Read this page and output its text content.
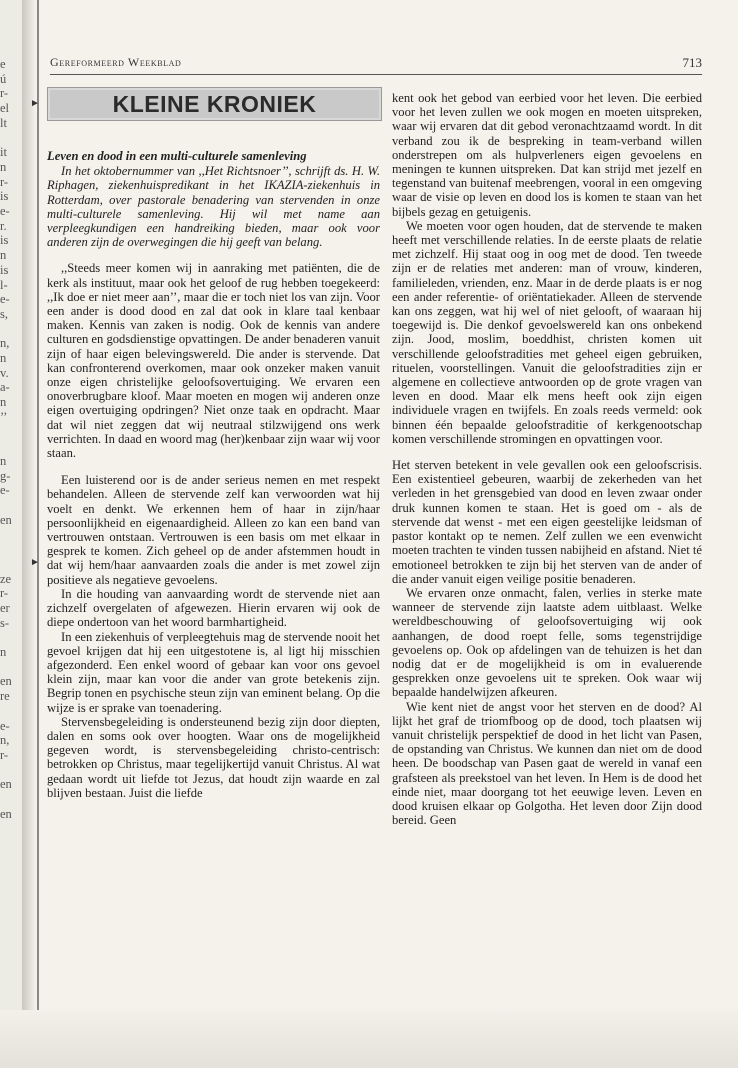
e
ú
r-
el
lt
it
n
r-
is
e-
r.
is
n
is
l-
e-
s,
n,
n
v.
a-
n
’’
n
g-
e-
en
ze
r-
er
s-
n
en
re
e-
n,
r-
en
en
Gereformeerd Weekblad	713
►
►
KLEINE KRONIEK

Leven en dood in een multi-culturele samenleving

In het oktobernummer van ,,Het Richtsnoer’’, schrijft ds. H. W. Riphagen, ziekenhuispredikant in het IKAZIA-ziekenhuis in Rotterdam, over pastorale benadering van stervenden in onze multi-culturele samenleving. Hij wil met name aan verpleegkundigen een handreiking bieden, maar ook voor anderen zijn de overwegingen die hij geeft van belang.

,,Steeds meer komen wij in aanraking met patiënten, die de kerk als instituut, maar ook het geloof de rug hebben toegekeerd: ,,Ik doe er niet meer aan’’, maar die er toch niet los van zijn. Voor een ander is dood dood en zal dat ook in klare taal kenbaar maken. Kennis van zaken is nodig. Ook de kennis van andere culturen en godsdienstige opvattingen. De ander benaderen vanuit zijn of haar eigen belevingswereld. Die ander is stervende. Dat kan confronterend overkomen, maar ook onzeker maken vanuit onze eigen christelijke geloofsovertuiging. We ervaren een onoverbrugbare kloof. Maar moeten en mogen wij anderen onze eigen overtuiging opdringen? Niet onze taak en opdracht. Maar dat wil niet zeggen dat wij neutraal stilzwijgend ons werk verrichten. In daad en woord mag (her)kenbaar zijn waar wij voor staan.

Een luisterend oor is de ander serieus nemen en met respekt behandelen. Alleen de stervende zelf kan verwoorden wat hij voelt en denkt. We erkennen hem of haar in zijn/haar persoonlijkheid en eigenaardigheid. Alleen zo kan een band van vertrouwen ontstaan. Vertrouwen is een basis om met elkaar in gesprek te komen. Zich geheel op de ander afstemmen houdt in dat wij hem/haar aanvaarden zoals die ander is met zowel zijn positieve als negatieve gevoelens.

In die houding van aanvaarding wordt de stervende niet aan zichzelf overgelaten of afgewezen. Hierin ervaren wij ook de diepe ondertoon van het woord barmhartigheid.

In een ziekenhuis of verpleegtehuis mag de stervende nooit het gevoel krijgen dat hij een uitgestotene is, al ligt hij misschien afgezonderd. Een enkel woord of gebaar kan voor ons gevoel klein zijn, maar kan voor die ander van grote betekenis zijn. Begrip tonen en psychische steun zijn van eminent belang. Op die wijze is er sprake van toenadering.

Stervensbegeleiding is ondersteunend bezig zijn door diepten, dalen en soms ook over hoogten. Waar ons de mogelijkheid gegeven wordt, is stervensbegeleiding christo-centrisch: betrokken op Christus, maar tegelijkertijd vanuit Christus. Al wat gedaan wordt uit liefde tot Jezus, dat houdt zijn waarde en zal blijven bestaan. Juist die liefde

kent ook het gebod van eerbied voor het leven. Die eerbied voor het leven zullen we ook mogen en moeten uitspreken, waar wij ervaren dat dit gebod veronachtzaamd wordt. In dit verband zou ik de bespreking in team-verband willen onderstrepen om als hulpverleners eigen gevoelens en meningen te kunnen uitspreken. Dat kan strijd met jezelf en tegenstand van buitenaf meebrengen, vooral in een omgeving waar de visie op leven en dood los is komen te staan van het bijbels gezag en getuigenis.

We moeten voor ogen houden, dat de stervende te maken heeft met verschillende relaties. In de eerste plaats de relatie met zichzelf. Hij staat oog in oog met de dood. Ten tweede zijn er de relaties met anderen: man of vrouw, kinderen, familieleden, vrienden, enz. Maar in de derde plaats is er nog een ander referentie- of oriëntatiekader. Alleen de stervende kan ons zeggen, wat hij wel of niet gelooft, of waaraan hij toegewijd is. Die denkof gevoelswereld kan ons onbekend zijn. Jood, moslim, boeddhist, christen komen uit verschillende geloofstradities met geheel eigen gebruiken, rituelen, voorstellingen. Vanuit die geloofstradities zijn er algemene en collectieve antwoorden op de grote vragen van leven en dood. Maar elk mens heeft ook zijn eigen individuele vragen en twijfels. En zoals reeds vermeld: ook binnen één bepaalde geloofstraditie of kerkgenootschap komen verschillende stromingen en opvattingen voor.

Het sterven betekent in vele gevallen ook een geloofscrisis. Een existentieel gebeuren, waarbij de zekerheden van het verleden in het grensgebied van dood en leven zwaar onder druk kunnen komen te staan. Het is goed om - als de stervende dat wenst - met een eigen geestelijke leidsman of pastor kontakt op te nemen. Zelf zullen we een evenwicht moeten trachten te vinden tussen nabijheid en afstand. Niet té emotioneel betrokken te zijn bij het sterven van de ander of die ander vanuit eigen veilige positie benaderen.

We ervaren onze onmacht, falen, verlies in sterke mate wanneer de stervende zijn laatste adem uitblaast. Welke wereldbeschouwing of geloofsovertuiging wij ook aanhangen, de dood roept felle, soms tegenstrijdige gevoelens op. Ook op afdelingen van de tehuizen is het dan nodig dat er de mogelijkheid is om in evaluerende gesprekken onze gevoelens uit te spreken. Ook waar wij bepaalde handelwijzen afkeuren.

Wie kent niet de angst voor het sterven en de dood? Al lijkt het graf de triomfboog op de dood, toch plaatsen wij vanuit christelijk perspektief de dood in het licht van Pasen, de opstanding van Christus. We kunnen dan niet om de dood heen. De boodschap van Pasen gaat de wereld in vanaf een grafsteen als preekstoel van het leven. In Hem is de dood het einde niet, maar doorgang tot het eeuwige leven. Leven en dood kruisen elkaar op Golgotha. Het leven door Zijn dood bereid. Geen
